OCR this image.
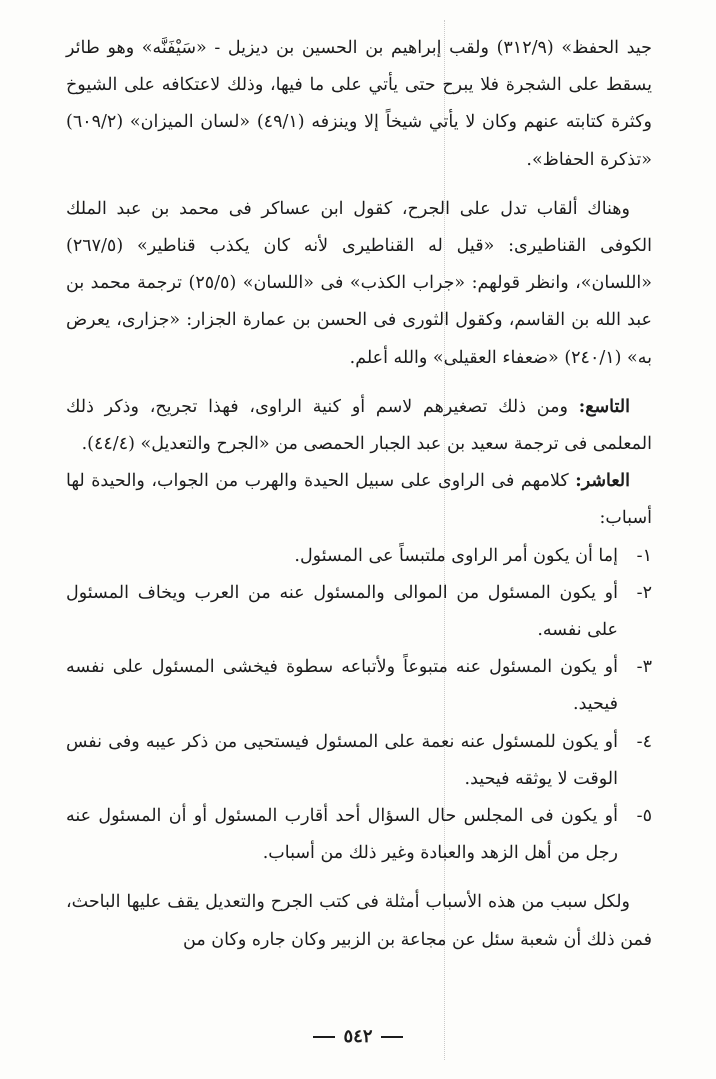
جيد الحفظ» (٣١٢/٩) ولقب إبراهيم بن الحسين بن ديزيل - «سَيْفَنَّه» وهو طائر يسقط على الشجرة فلا يبرح حتى يأتي على ما فيها، وذلك لاعتكافه على الشيوخ وكثرة كتابته عنهم وكان لا يأتي شيخاً إلا وينزفه (٤٩/١) «لسان الميزان» (٦٠٩/٢) «تذكرة الحفاظ».

وهناك ألقاب تدل على الجرح، كقول ابن عساكر فى محمد بن عبد الملك الكوفى القناطيرى: «قيل له القناطيرى لأنه كان يكذب قناطير» (٢٦٧/٥) «اللسان»، وانظر قولهم: «جراب الكذب» فى «اللسان» (٢٥/٥) ترجمة محمد بن عبد الله بن القاسم، وكقول الثورى فى الحسن بن عمارة الجزار: «جزارى، يعرض به» (٢٤٠/١) «ضعفاء العقيلى» والله أعلم.

التاسع: ومن ذلك تصغيرهم لاسم أو كنية الراوى، فهذا تجريح، وذكر ذلك المعلمى فى ترجمة سعيد بن عبد الجبار الحمصى من «الجرح والتعديل» (٤٤/٤).

العاشر: كلامهم فى الراوى على سبيل الحيدة والهرب من الجواب، والحيدة لها أسباب:

١-
إما أن يكون أمر الراوى ملتبساً عى المسئول.
٢-
أو يكون المسئول من الموالى والمسئول عنه من العرب ويخاف المسئول على نفسه.
٣-
أو يكون المسئول عنه متبوعاً ولأتباعه سطوة فيخشى المسئول على نفسه فيحيد.
٤-
أو يكون للمسئول عنه نعمة على المسئول فيستحيى من ذكر عيبه وفى نفس الوقت لا يوثقه فيحيد.
٥-
أو يكون فى المجلس حال السؤال أحد أقارب المسئول أو أن المسئول عنه رجل من أهل الزهد والعبادة وغير ذلك من أسباب.

ولكل سبب من هذه الأسباب أمثلة فى كتب الجرح والتعديل يقف عليها الباحث، فمن ذلك أن شعبة سئل عن مجاعة بن الزبير وكان جاره وكان من

٥٤٢
